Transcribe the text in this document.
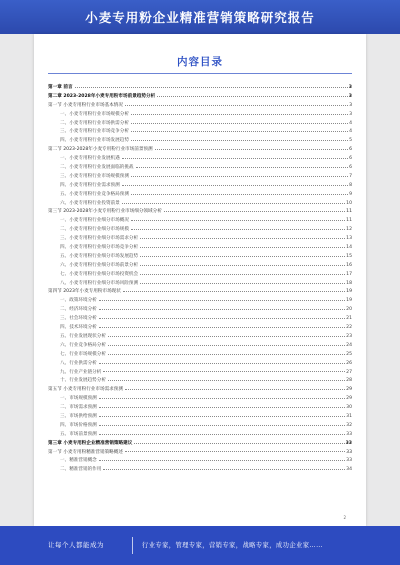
小麦专用粉企业精准营销策略研究报告
内容目录
第一章 前言	3
第二章 2023-2028年小麦专用粉市场前景趋势分析	3
第一节 小麦专用粉行业市场基本情况	3
一、小麦专用粉行业市场规模分析	3
二、小麦专用粉行业市场供需分析	4
三、小麦专用粉行业市场竞争分析	4
四、小麦专用粉行业市场发展趋势	5
第二节 2023-2028年小麦专用粉行业市场前景预测	6
一、小麦专用粉行业发展机遇	6
二、小麦专用粉行业发展面临的挑战	6
三、小麦专用粉行业市场规模预测	7
四、小麦专用粉行业需求预测	8
五、小麦专用粉行业竞争格局预测	9
六、小麦专用粉行业投资前景	10
第三节 2023-2028年小麦专用粉行业市场细分领域分析	11
一、小麦专用粉行业细分市场概况	11
二、小麦专用粉行业细分市场规模	12
三、小麦专用粉行业细分市场需求分析	13
四、小麦专用粉行业细分市场竞争分析	14
五、小麦专用粉行业细分市场发展趋势	15
六、小麦专用粉行业细分市场前景分析	16
七、小麦专用粉行业细分市场投资机会	17
八、小麦专用粉行业细分市场风险预测	18
第四节 2023年小麦专用粉市场现状	19
一、政策环境分析	19
二、经济环境分析	20
三、社会环境分析	21
四、技术环境分析	22
五、行业发展现状分析	23
六、行业竞争格局分析	24
七、行业市场规模分析	25
八、行业供需分析	26
九、行业产业链分析	27
十、行业发展趋势分析	28
第五节 小麦专用粉行业市场需求预测	29
一、市场规模预测	29
二、市场需求预测	30
三、市场供给预测	31
四、市场价格预测	32
五、市场前景预测	33
第三章 小麦专用粉企业精准营销策略建议	33
第一节 小麦专用粉精准营销策略概述	33
一、精准营销概念	33
二、精准营销的作用	34
2
让每个人都能成为	行业专家，管理专家，营销专家，战略专家，成功企业家……
